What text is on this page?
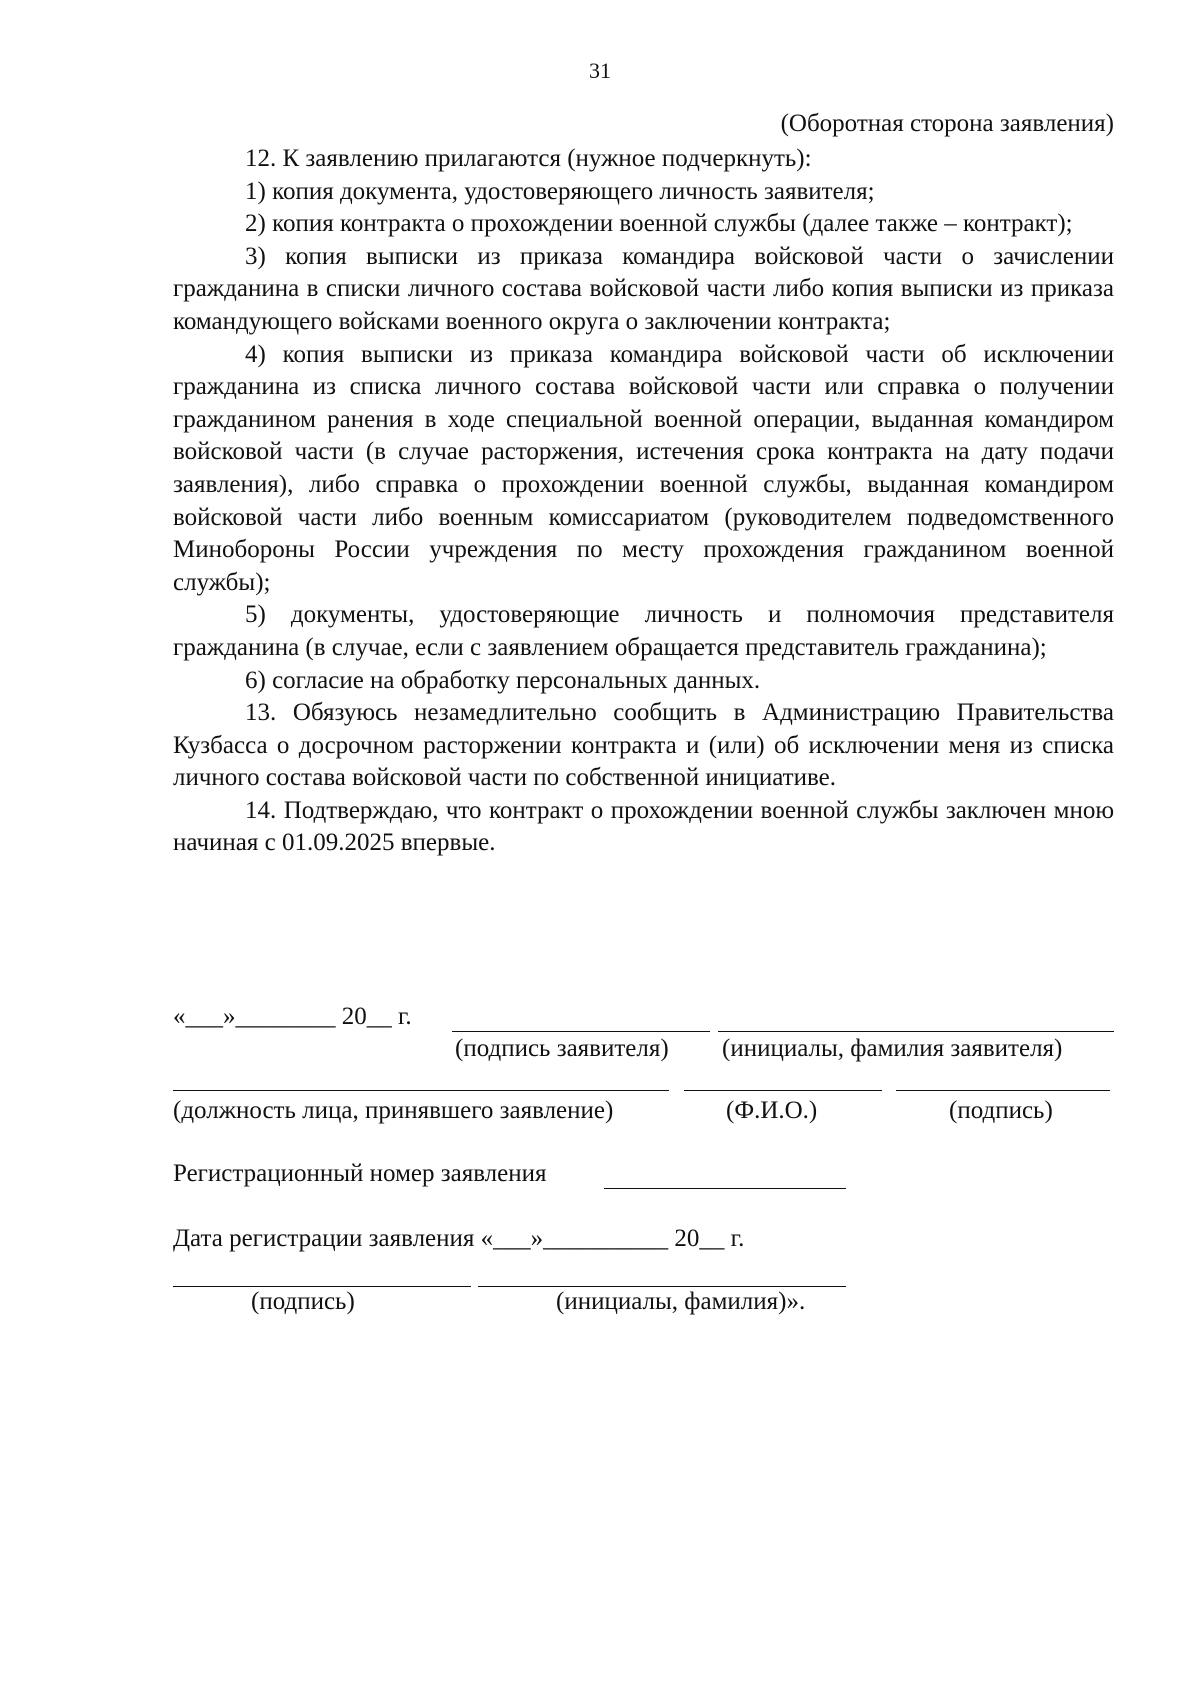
31
(Оборотная сторона заявления)

12. К заявлению прилагаются (нужное подчеркнуть):

1) копия документа, удостоверяющего личность заявителя;

2) копия контракта о прохождении военной службы (далее также – контракт);

3) копия выписки из приказа командира войсковой части о зачислении гражданина в списки личного состава войсковой части либо копия выписки из приказа командующего войсками военного округа о заключении контракта;

4) копия выписки из приказа командира войсковой части об исключении гражданина из списка личного состава войсковой части или справка о получении гражданином ранения в ходе специальной военной операции, выданная командиром войсковой части (в случае расторжения, истечения срока контракта на дату подачи заявления), либо справка о прохождении военной службы, выданная командиром войсковой части либо военным комиссариатом (руководителем подведомственного Минобороны России учреждения по месту прохождения гражданином военной службы);

5) документы, удостоверяющие личность и полномочия представителя гражданина (в случае, если с заявлением обращается представитель гражданина);

6) согласие на обработку персональных данных.

13. Обязуюсь незамедлительно сообщить в Администрацию Правительства Кузбасса о досрочном расторжении контракта и (или) об исключении меня из списка личного состава войсковой части по собственной инициативе.

14. Подтверждаю, что контракт о прохождении военной службы заключен мною начиная с 01.09.2025 впервые.

«___»________ 20__ г.
(подпись заявителя) (инициалы, фамилия заявителя)
(должность лица, принявшего заявление)	(Ф.И.О.)	(подпись)
Регистрационный номер заявления
Дата регистрации заявления «___»__________ 20__ г.
(подпись)	(инициалы, фамилия)».
